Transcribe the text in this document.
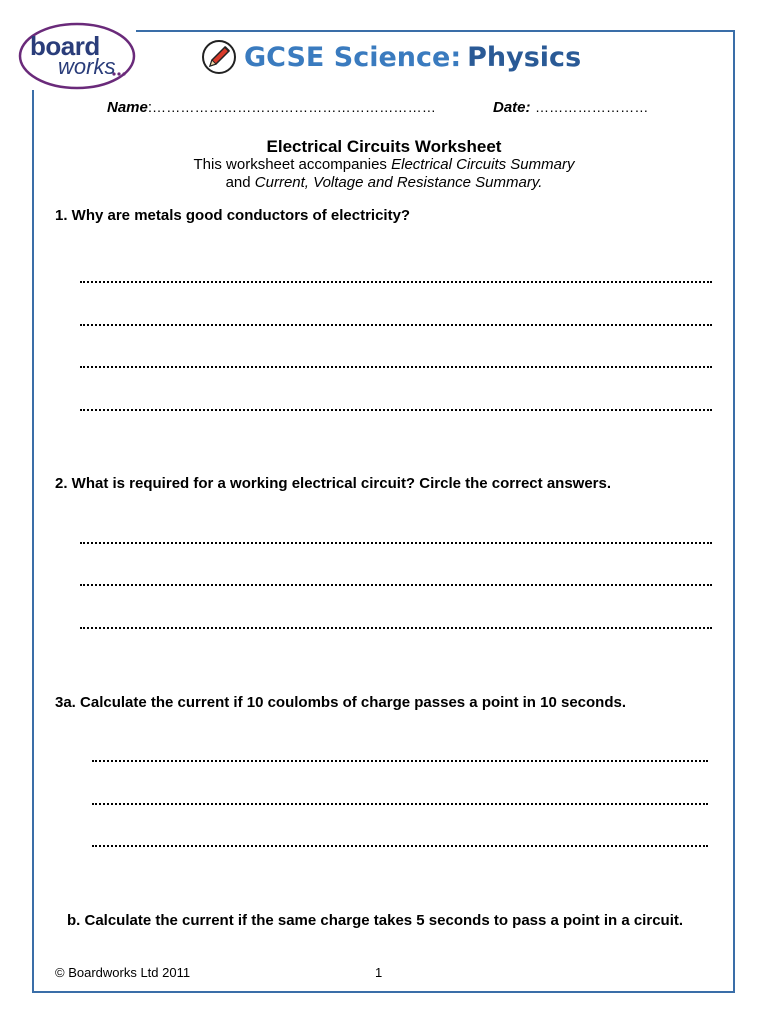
board
works	GCSE Science: Physics
Name:……………………………………………………	Date: ……………………
Electrical Circuits Worksheet
This worksheet accompanies Electrical Circuits Summary
and Current, Voltage and Resistance Summary.
1. Why are metals good conductors of electricity?
2. What is required for a working electrical circuit? Circle the correct answers.
3a. Calculate the current if 10 coulombs of charge passes a point in 10 seconds.
b. Calculate the current if the same charge takes 5 seconds to pass a point in a circuit.
© Boardworks Ltd 2011	1
